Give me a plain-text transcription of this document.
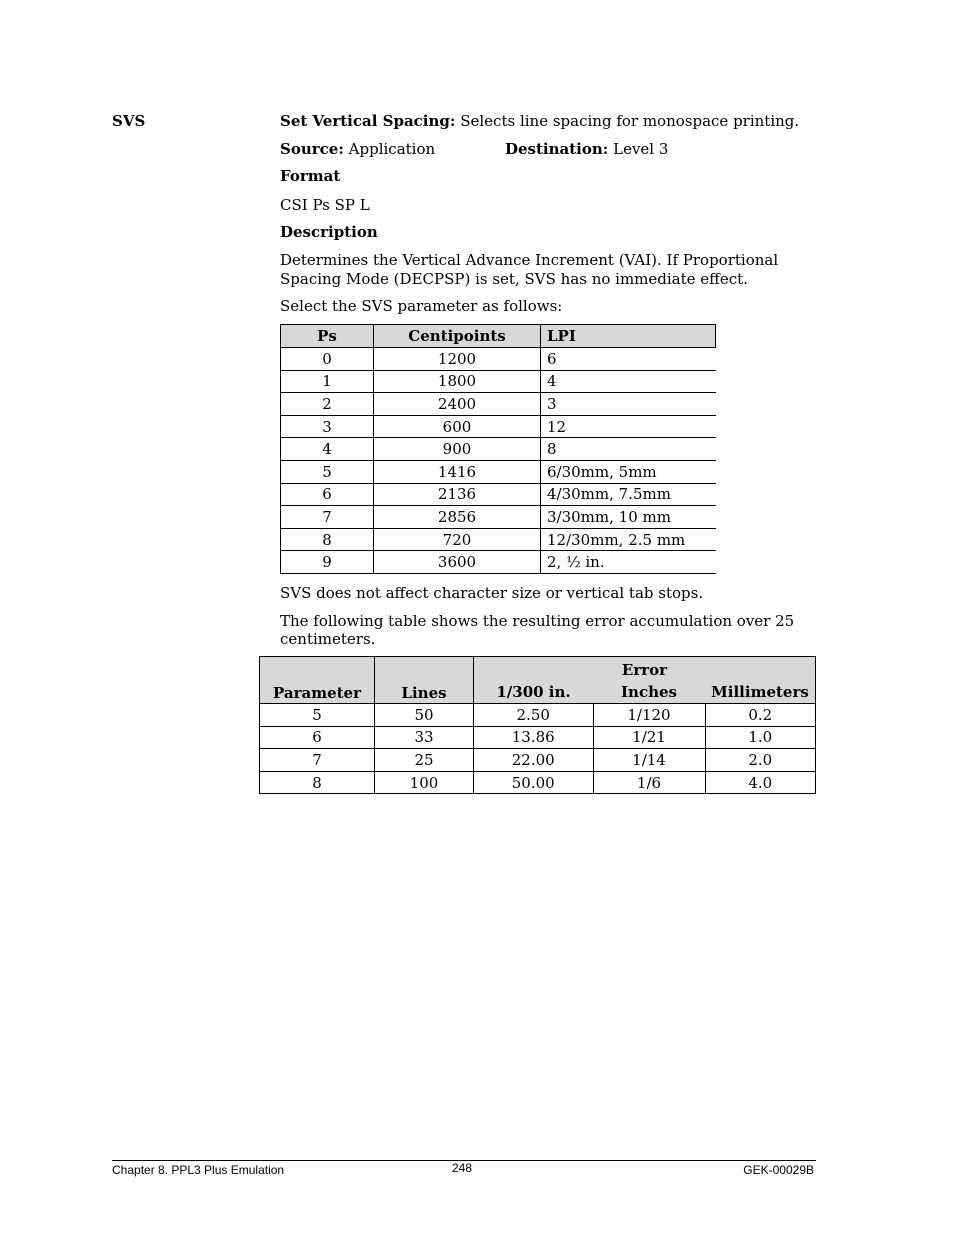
SVS	Set Vertical Spacing: Selects line spacing for monospace printing.
Source: Application	Destination: Level 3
Format
CSI Ps SP L
Description
Determines the Vertical Advance Increment (VAI). If Proportional
Spacing Mode (DECPSP) is set, SVS has no immediate effect.
Select the SVS parameter as follows:
Ps	Centipoints	LPI
0	1200	6
1	1800	4
2	2400	3
3	600	12
4	900	8
5	1416	6/30mm, 5mm
6	2136	4/30mm, 7.5mm
7	2856	3/30mm, 10 mm
8	720	12/30mm, 2.5 mm
9	3600	2, ½ in.
SVS does not affect character size or vertical tab stops.
The following table shows the resulting error accumulation over 25
centimeters.
Parameter	Lines	Error		
		1/300 in.	Inches	Millimeters
5	50	2.50	1/120	0.2
6	33	13.86	1/21	1.0
7	25	22.00	1/14	2.0
8	100	50.00	1/6	4.0
Chapter 8. PPL3 Plus Emulation	248	GEK-00029B
